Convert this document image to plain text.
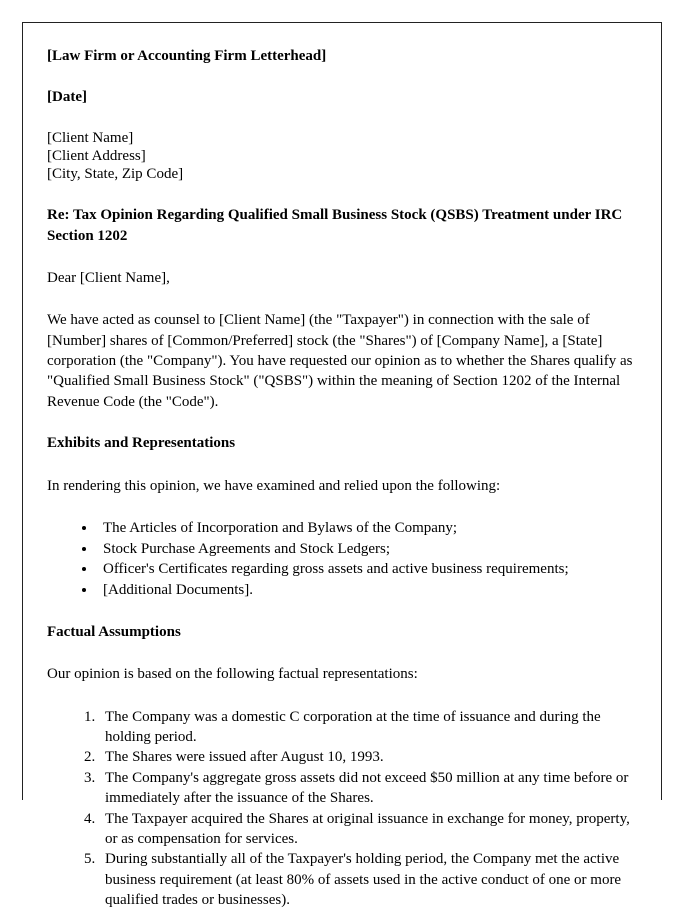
[Law Firm or Accounting Firm Letterhead]
[Date]
[Client Name]
[Client Address]
[City, State, Zip Code]
Re: Tax Opinion Regarding Qualified Small Business Stock (QSBS) Treatment under IRC Section 1202
Dear [Client Name],

We have acted as counsel to [Client Name] (the "Taxpayer") in connection with the sale of [Number] shares of [Common/Preferred] stock (the "Shares") of [Company Name], a [State] corporation (the "Company"). You have requested our opinion as to whether the Shares qualify as "Qualified Small Business Stock" ("QSBS") within the meaning of Section 1202 of the Internal Revenue Code (the "Code").

Exhibits and Representations

In rendering this opinion, we have examined and relied upon the following:

• The Articles of Incorporation and Bylaws of the Company;
• Stock Purchase Agreements and Stock Ledgers;
• Officer's Certificates regarding gross assets and active business requirements;
• [Additional Documents].
Factual Assumptions

Our opinion is based on the following factual representations:

1. The Company was a domestic C corporation at the time of issuance and during the holding period.
2. The Shares were issued after August 10, 1993.
3. The Company's aggregate gross assets did not exceed $50 million at any time before or immediately after the issuance of the Shares.
4. The Taxpayer acquired the Shares at original issuance in exchange for money, property, or as compensation for services.
5. During substantially all of the Taxpayer's holding period, the Company met the active business requirement (at least 80% of assets used in the active conduct of one or more qualified trades or businesses).
